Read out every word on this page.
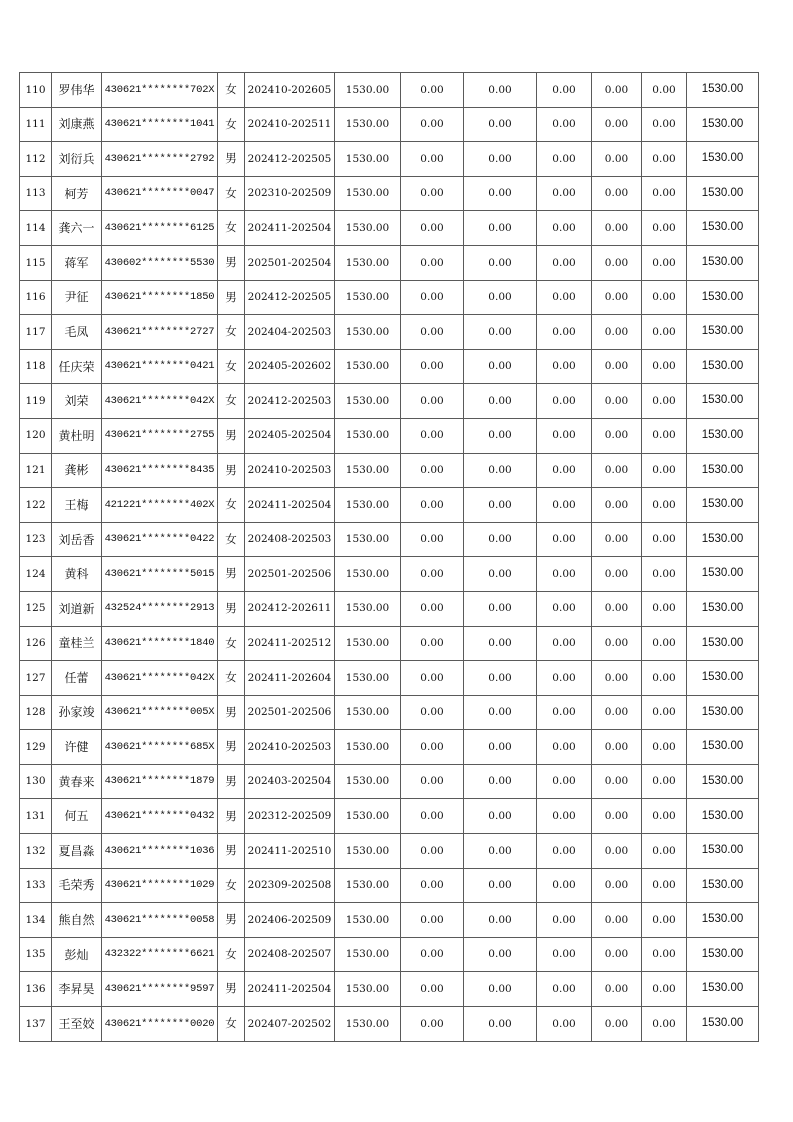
110	罗伟华	430621********702X	女	202410-202605	1530.00	0.00	0.00	0.00	0.00	0.00	1530.00
111	刘康燕	430621********1041	女	202410-202511	1530.00	0.00	0.00	0.00	0.00	0.00	1530.00
112	刘衍兵	430621********2792	男	202412-202505	1530.00	0.00	0.00	0.00	0.00	0.00	1530.00
113	柯芳	430621********0047	女	202310-202509	1530.00	0.00	0.00	0.00	0.00	0.00	1530.00
114	龚六一	430621********6125	女	202411-202504	1530.00	0.00	0.00	0.00	0.00	0.00	1530.00
115	蒋军	430602********5530	男	202501-202504	1530.00	0.00	0.00	0.00	0.00	0.00	1530.00
116	尹征	430621********1850	男	202412-202505	1530.00	0.00	0.00	0.00	0.00	0.00	1530.00
117	毛凤	430621********2727	女	202404-202503	1530.00	0.00	0.00	0.00	0.00	0.00	1530.00
118	任庆荣	430621********0421	女	202405-202602	1530.00	0.00	0.00	0.00	0.00	0.00	1530.00
119	刘荣	430621********042X	女	202412-202503	1530.00	0.00	0.00	0.00	0.00	0.00	1530.00
120	黄杜明	430621********2755	男	202405-202504	1530.00	0.00	0.00	0.00	0.00	0.00	1530.00
121	龚彬	430621********8435	男	202410-202503	1530.00	0.00	0.00	0.00	0.00	0.00	1530.00
122	王梅	421221********402X	女	202411-202504	1530.00	0.00	0.00	0.00	0.00	0.00	1530.00
123	刘岳香	430621********0422	女	202408-202503	1530.00	0.00	0.00	0.00	0.00	0.00	1530.00
124	黄科	430621********5015	男	202501-202506	1530.00	0.00	0.00	0.00	0.00	0.00	1530.00
125	刘道新	432524********2913	男	202412-202611	1530.00	0.00	0.00	0.00	0.00	0.00	1530.00
126	童桂兰	430621********1840	女	202411-202512	1530.00	0.00	0.00	0.00	0.00	0.00	1530.00
127	任蕾	430621********042X	女	202411-202604	1530.00	0.00	0.00	0.00	0.00	0.00	1530.00
128	孙家竣	430621********005X	男	202501-202506	1530.00	0.00	0.00	0.00	0.00	0.00	1530.00
129	许健	430621********685X	男	202410-202503	1530.00	0.00	0.00	0.00	0.00	0.00	1530.00
130	黄春来	430621********1879	男	202403-202504	1530.00	0.00	0.00	0.00	0.00	0.00	1530.00
131	何五	430621********0432	男	202312-202509	1530.00	0.00	0.00	0.00	0.00	0.00	1530.00
132	夏昌淼	430621********1036	男	202411-202510	1530.00	0.00	0.00	0.00	0.00	0.00	1530.00
133	毛荣秀	430621********1029	女	202309-202508	1530.00	0.00	0.00	0.00	0.00	0.00	1530.00
134	熊自然	430621********0058	男	202406-202509	1530.00	0.00	0.00	0.00	0.00	0.00	1530.00
135	彭灿	432322********6621	女	202408-202507	1530.00	0.00	0.00	0.00	0.00	0.00	1530.00
136	李昇昊	430621********9597	男	202411-202504	1530.00	0.00	0.00	0.00	0.00	0.00	1530.00
137	王至姣	430621********0020	女	202407-202502	1530.00	0.00	0.00	0.00	0.00	0.00	1530.00
